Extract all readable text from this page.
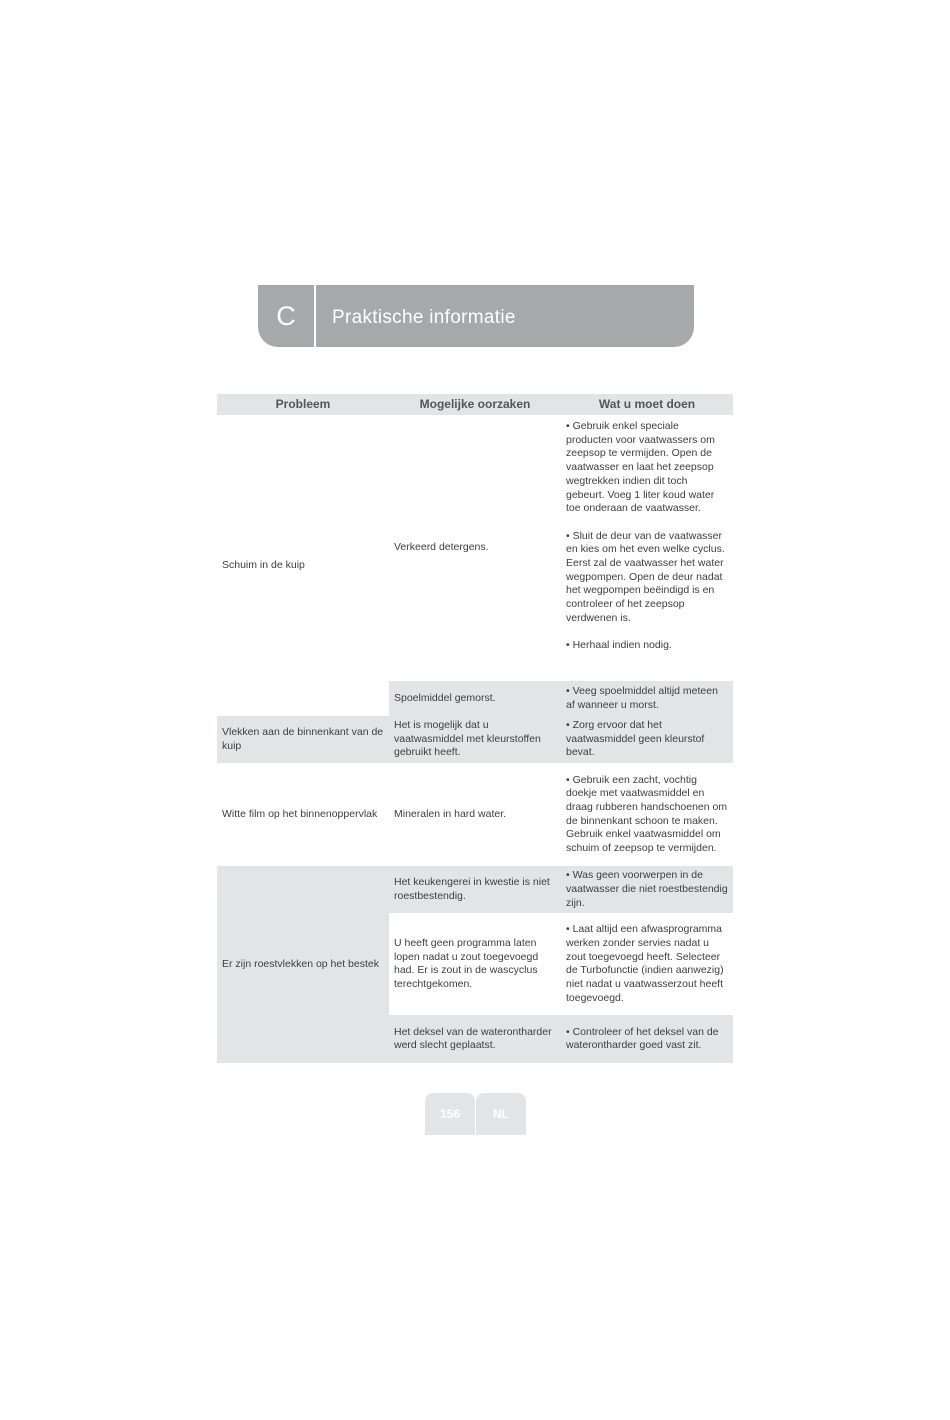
C	Praktische informatie
Probleem	Mogelijke oorzaken	Wat u moet doen
Schuim in de kuip	Verkeerd detergens.	• Gebruik enkel speciale producten voor vaatwassers om zeepsop te vermijden. Open de vaatwasser en laat het zeepsop wegtrekken indien dit toch gebeurt. Voeg 1 liter koud water toe onderaan de vaatwasser.
• Sluit de deur van de vaatwasser en kies om het even welke cyclus. Eerst zal de vaatwasser het water wegpompen. Open de deur nadat het wegpompen beëindigd is en controleer of het zeepsop verdwenen is.
• Herhaal indien nodig.

	Spoelmiddel gemorst.	• Veeg spoelmiddel altijd meteen af wanneer u morst.
Vlekken aan de binnenkant van de kuip	Het is mogelijk dat u vaatwasmiddel met kleurstoffen gebruikt heeft.	• Zorg ervoor dat het vaatwasmiddel geen kleurstof bevat.
Witte film op het binnenoppervlak	Mineralen in hard water.	• Gebruik een zacht, vochtig doekje met vaatwasmiddel en draag rubberen handschoenen om de binnenkant schoon te maken. Gebruik enkel vaatwasmiddel om schuim of zeepsop te vermijden.
Er zijn roestvlekken op het bestek	Het keukengerei in kwestie is niet roestbestendig.	• Was geen voorwerpen in de vaatwasser die niet roestbestendig zijn.
	U heeft geen programma laten lopen nadat u zout toegevoegd had. Er is zout in de wascyclus terechtgekomen.	• Laat altijd een afwasprogramma werken zonder servies nadat u zout toegevoegd heeft. Selecteer de Turbofunctie (indien aanwezig) niet nadat u vaatwasserzout heeft toegevoegd.
	Het deksel van de waterontharder werd slecht geplaatst.	• Controleer of het deksel van de waterontharder goed vast zit.
156	NL
